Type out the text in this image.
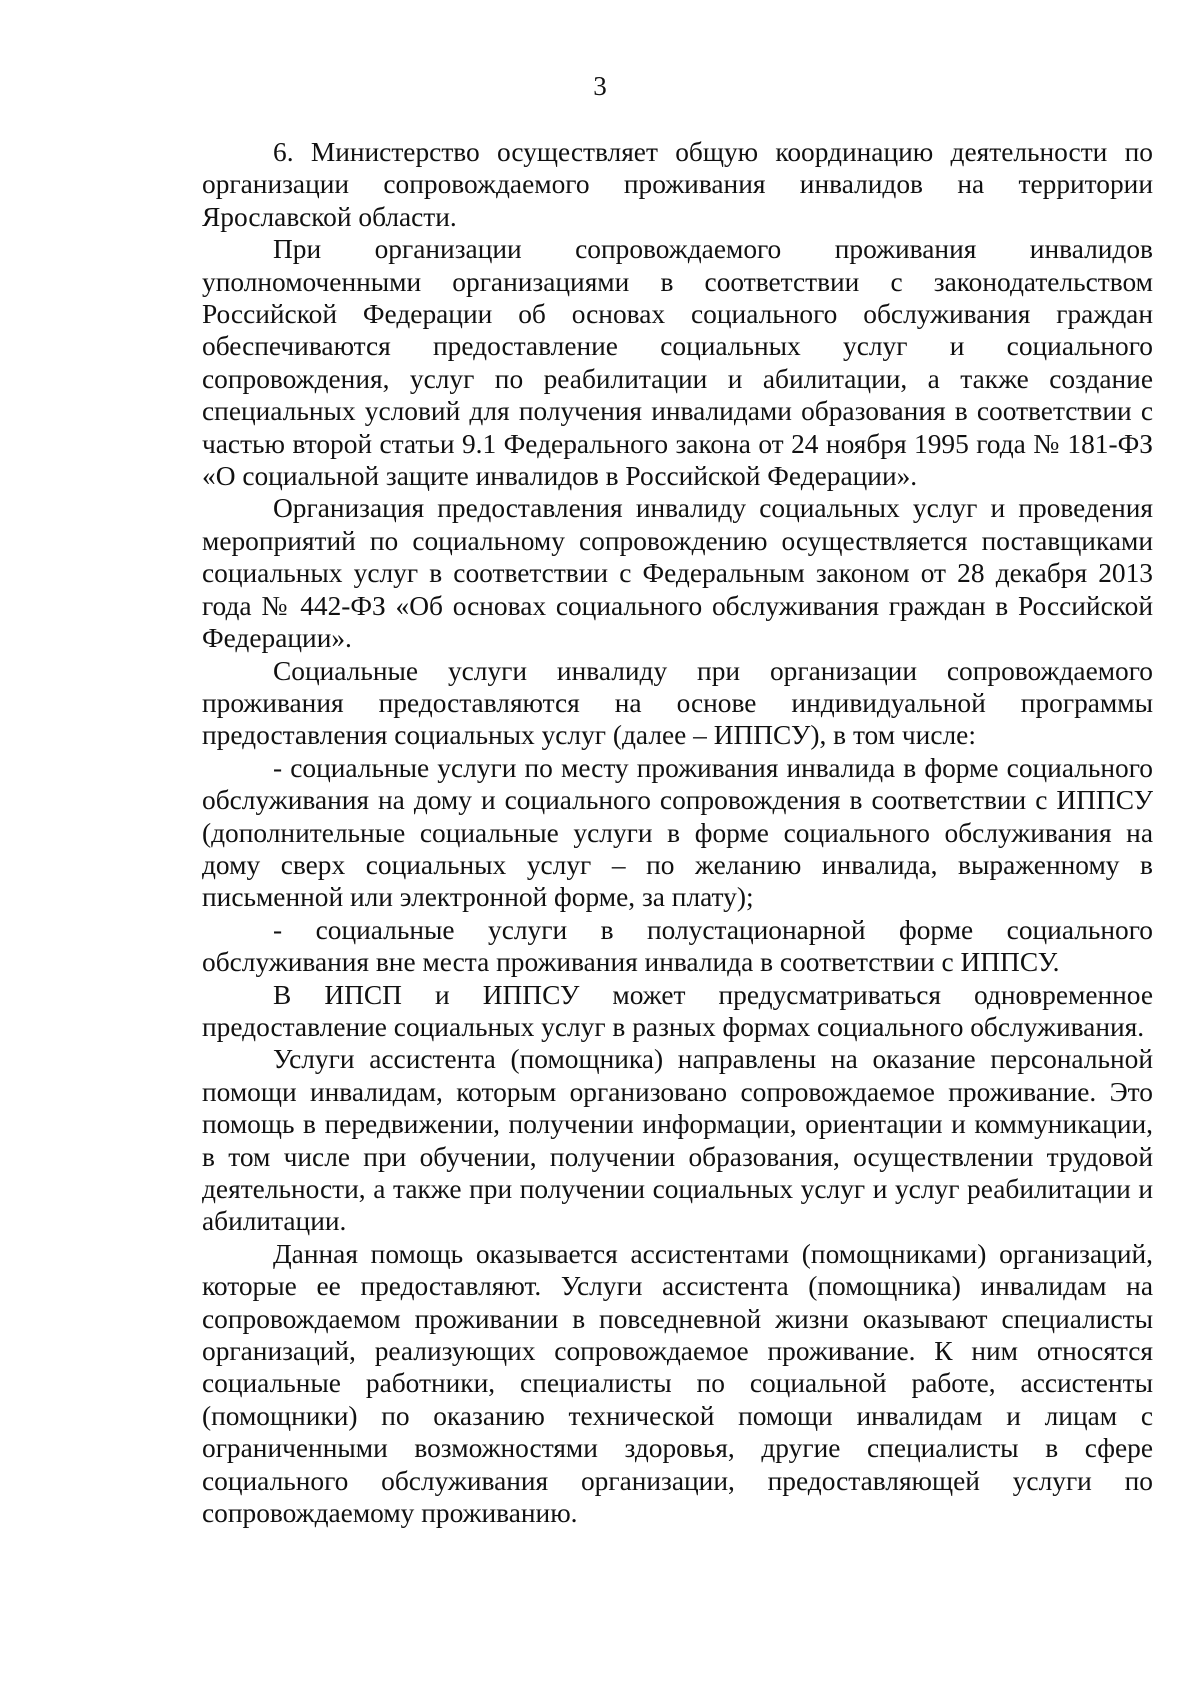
3

6. Министерство осуществляет общую координацию деятельности по организации сопровождаемого проживания инвалидов на территории Ярославской области.

При организации сопровождаемого проживания инвалидов уполномоченными организациями в соответствии с законодательством Российской Федерации об основах социального обслуживания граждан обеспечиваются предоставление социальных услуг и социального сопровождения, услуг по реабилитации и абилитации, а также создание специальных условий для получения инвалидами образования в соответствии с частью второй статьи 9.1 Федерального закона от 24 ноября 1995 года № 181-ФЗ «О социальной защите инвалидов в Российской Федерации».

Организация предоставления инвалиду социальных услуг и проведения мероприятий по социальному сопровождению осуществляется поставщиками социальных услуг в соответствии с Федеральным законом от 28 декабря 2013 года № 442-ФЗ «Об основах социального обслуживания граждан в Российской Федерации».

Социальные услуги инвалиду при организации сопровождаемого проживания предоставляются на основе индивидуальной программы предоставления социальных услуг (далее – ИППСУ), в том числе:

- социальные услуги по месту проживания инвалида в форме социального обслуживания на дому и социального сопровождения в соответствии с ИППСУ (дополнительные социальные услуги в форме социального обслуживания на дому сверх социальных услуг – по желанию инвалида, выраженному в письменной или электронной форме, за плату);

- социальные услуги в полустационарной форме социального обслуживания вне места проживания инвалида в соответствии с ИППСУ.

В ИПСП и ИППСУ может предусматриваться одновременное предоставление социальных услуг в разных формах социального обслуживания.

Услуги ассистента (помощника) направлены на оказание персональной помощи инвалидам, которым организовано сопровождаемое проживание. Это помощь в передвижении, получении информации, ориентации и коммуникации, в том числе при обучении, получении образования, осуществлении трудовой деятельности, а также при получении социальных услуг и услуг реабилитации и абилитации.

Данная помощь оказывается ассистентами (помощниками) организаций, которые ее предоставляют. Услуги ассистента (помощника) инвалидам на сопровождаемом проживании в повседневной жизни оказывают специалисты организаций, реализующих сопровождаемое проживание. К ним относятся социальные работники, специалисты по социальной работе, ассистенты (помощники) по оказанию технической помощи инвалидам и лицам с ограниченными возможностями здоровья, другие специалисты в сфере социального обслуживания организации, предоставляющей услуги по сопровождаемому проживанию.
